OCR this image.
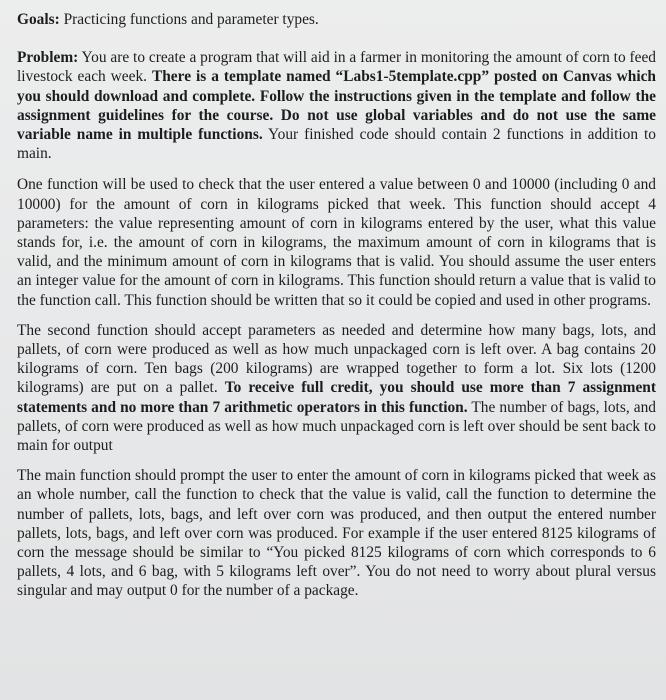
Goals: Practicing functions and parameter types.

Problem: You are to create a program that will aid in a farmer in monitoring the amount of corn to feed livestock each week. There is a template named “Labs1-5template.cpp” posted on Canvas which you should download and complete. Follow the instructions given in the template and follow the assignment guidelines for the course. Do not use global variables and do not use the same variable name in multiple functions. Your finished code should contain 2 functions in addition to main.

One function will be used to check that the user entered a value between 0 and 10000 (including 0 and 10000) for the amount of corn in kilograms picked that week. This function should accept 4 parameters: the value representing amount of corn in kilograms entered by the user, what this value stands for, i.e. the amount of corn in kilograms, the maximum amount of corn in kilograms that is valid, and the minimum amount of corn in kilograms that is valid. You should assume the user enters an integer value for the amount of corn in kilograms. This function should return a value that is valid to the function call. This function should be written that so it could be copied and used in other programs.

The second function should accept parameters as needed and determine how many bags, lots, and pallets, of corn were produced as well as how much unpackaged corn is left over. A bag contains 20 kilograms of corn. Ten bags (200 kilograms) are wrapped together to form a lot. Six lots (1200 kilograms) are put on a pallet. To receive full credit, you should use more than 7 assignment statements and no more than 7 arithmetic operators in this function. The number of bags, lots, and pallets, of corn were produced as well as how much unpackaged corn is left over should be sent back to main for output

The main function should prompt the user to enter the amount of corn in kilograms picked that week as an whole number, call the function to check that the value is valid, call the function to determine the number of pallets, lots, bags, and left over corn was produced, and then output the entered number pallets, lots, bags, and left over corn was produced. For example if the user entered 8125 kilograms of corn the message should be similar to “You picked 8125 kilograms of corn which corresponds to 6 pallets, 4 lots, and 6 bag, with 5 kilograms left over”. You do not need to worry about plural versus singular and may output 0 for the number of a package.
